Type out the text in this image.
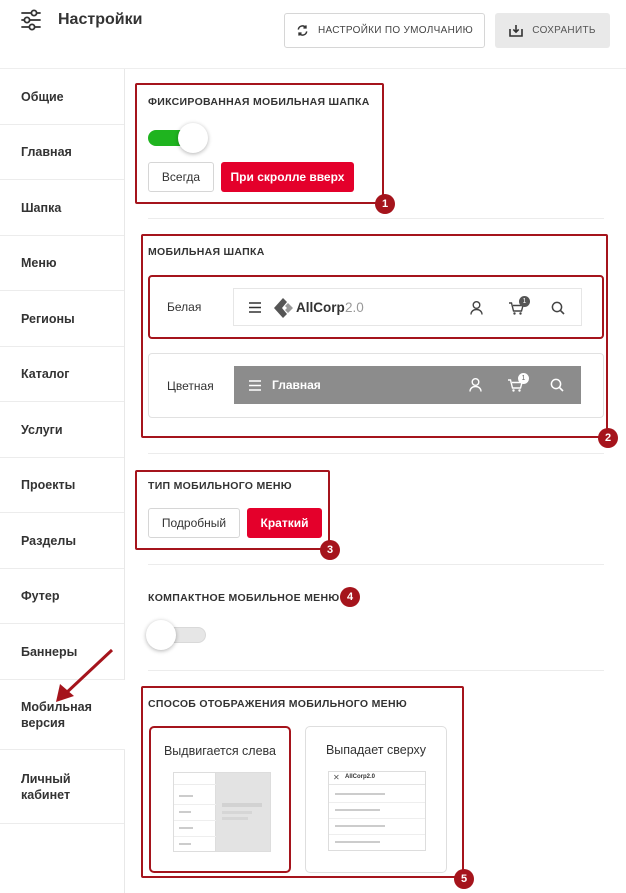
Настройки
НАСТРОЙКИ ПО УМОЛЧАНИЮ	СОХРАНИТЬ
Общие
Главная
Шапка
Меню
Регионы
Каталог
Услуги
Проекты
Разделы
Футер
Баннеры
Мобильная версия
Личный кабинет
ФИКСИРОВАННАЯ МОБИЛЬНАЯ ШАПКА
Всегда	При скролле вверх
1
МОБИЛЬНАЯ ШАПКА
Белая	AllCorp 2.0	1
Цветная	Главная	1
2
ТИП МОБИЛЬНОГО МЕНЮ
Подробный	Краткий
3
КОМПАКТНОЕ МОБИЛЬНОЕ МЕНЮ 4
СПОСОБ ОТОБРАЖЕНИЯ МОБИЛЬНОГО МЕНЮ
Выдвигается слева	Выпадает сверху
✕ AllCorp2.0
5
